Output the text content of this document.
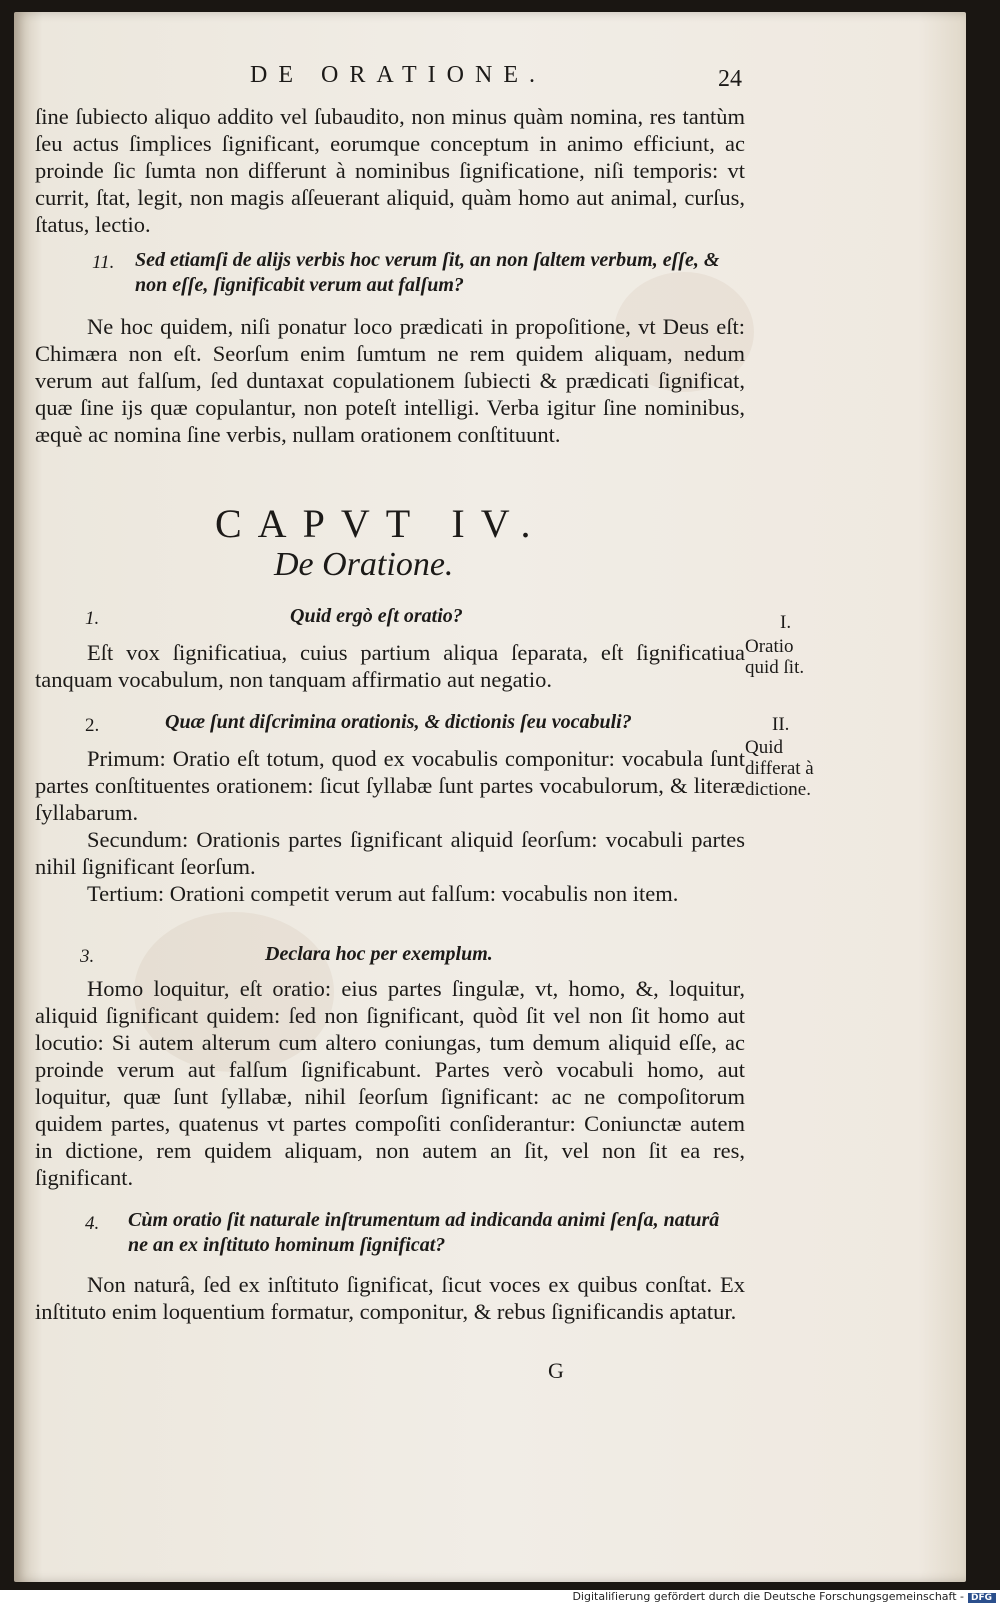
DE ORATIONE.	24
ſine ſubiecto aliquo addito vel ſubaudito, non minus quàm nomina, res tantùm ſeu actus ſimplices ſignificant, eorumque conceptum in animo efficiunt, ac proinde ſic ſumta non differunt à nominibus ſignificatione, niſi temporis: vt currit, ſtat, legit, non magis aſſeuerant aliquid, quàm homo aut animal, curſus, ſtatus, lectio.
11. Sed etiamſi de alijs verbis hoc verum ſit, an non ſaltem verbum, eſſe, & non eſſe, ſignificabit verum aut falſum?
Ne hoc quidem, niſi ponatur loco prædicati in propoſitione, vt Deus eſt: Chimæra non eſt. Seorſum enim ſumtum ne rem quidem aliquam, nedum verum aut falſum, ſed duntaxat copulationem ſubiecti & prædicati ſignificat, quæ ſine ijs quæ copulantur, non poteſt intelligi. Verba igitur ſine nominibus, æquè ac nomina ſine verbis, nullam orationem conſtituunt.
CAPVT IV.
De Oratione.
1.	Quid ergò eſt oratio?
Eſt vox ſignificatiua, cuius partium aliqua ſeparata, eſt ſignificatiua tanquam vocabulum, non tanquam affirmatio aut negatio.
2.	Quæ ſunt diſcrimina orationis, & dictionis ſeu vocabuli?
Primum: Oratio eſt totum, quod ex vocabulis componitur: vocabula ſunt partes conſtituentes orationem: ſicut ſyllabæ ſunt partes vocabulorum, & literæ ſyllabarum.
Secundum: Orationis partes ſignificant aliquid ſeorſum: vocabuli partes nihil ſignificant ſeorſum.
Tertium: Orationi competit verum aut falſum: vocabulis non item.
3.	Declara hoc per exemplum.
Homo loquitur, eſt oratio: eius partes ſingulæ, vt, homo, &, loquitur, aliquid ſignificant quidem: ſed non ſignificant, quòd ſit vel non ſit homo aut locutio: Si autem alterum cum altero coniungas, tum demum aliquid eſſe, ac proinde verum aut falſum ſignificabunt. Partes verò vocabuli homo, aut loquitur, quæ ſunt ſyllabæ, nihil ſeorſum ſignificant: ac ne compoſitorum quidem partes, quatenus vt partes compoſiti conſiderantur: Coniunctæ autem in dictione, rem quidem aliquam, non autem an ſit, vel non ſit ea res, ſignificant.
4. Cùm oratio ſit naturale inſtrumentum ad indicanda animi ſenſa, naturâ ne an ex inſtituto hominum ſignificat?
Non naturâ, ſed ex inſtituto ſignificat, ſicut voces ex quibus conſtat. Ex inſtituto enim loquentium formatur, componitur, & rebus ſignificandis aptatur.
I.
Oratio quid ſit.
II.
Quid differat à dictione.
G
Digitaliſierung gefördert durch die Deutsche Forschungsgemeinschaft - DFG
